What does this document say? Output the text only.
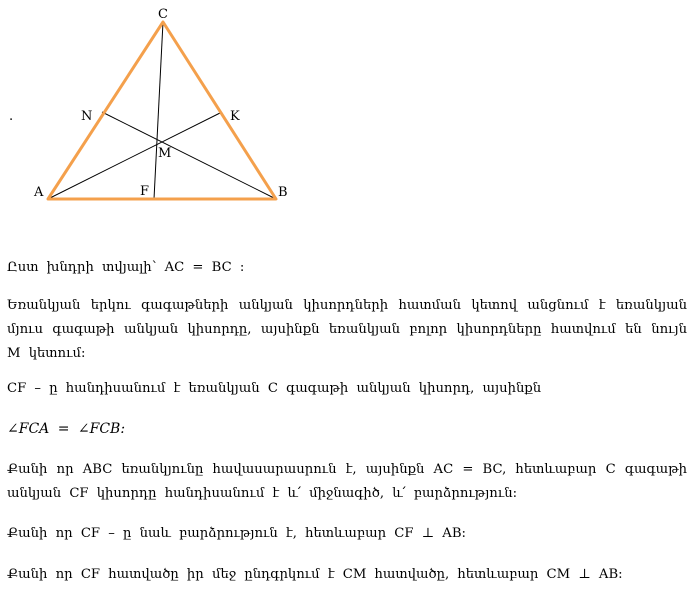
.
C
N	K
M
A	F	B

Ըստ խնդրի տվյալի՝ AC = BC :

Եռանկյան երկու գագաթների անկյան կիսորդների հատման կետով անցնում է եռանկյան մյուս գագաթի անկյան կիսորդը, այսինքն եռանկյան բոլոր կիսորդները հատվում են նույն M կետում:

CF – ը հանդիսանում է եռանկյան C գագաթի անկյան կիսորդ, այսինքն

∠FCA = ∠FCB:

Քանի որ ABC եռանկյունը հավասարասրուն է, այսինքն AC = BC, հետևաբար C գագաթի անկյան CF կիսորդը հանդիսանում է և՛ միջնագիծ, և՛ բարձրություն:

Քանի որ CF – ը նաև բարձրություն է, հետևաբար CF ⊥ AB:

Քանի որ CF հատվածը իր մեջ ընդգրկում է CM հատվածը, հետևաբար CM ⊥ AB:
